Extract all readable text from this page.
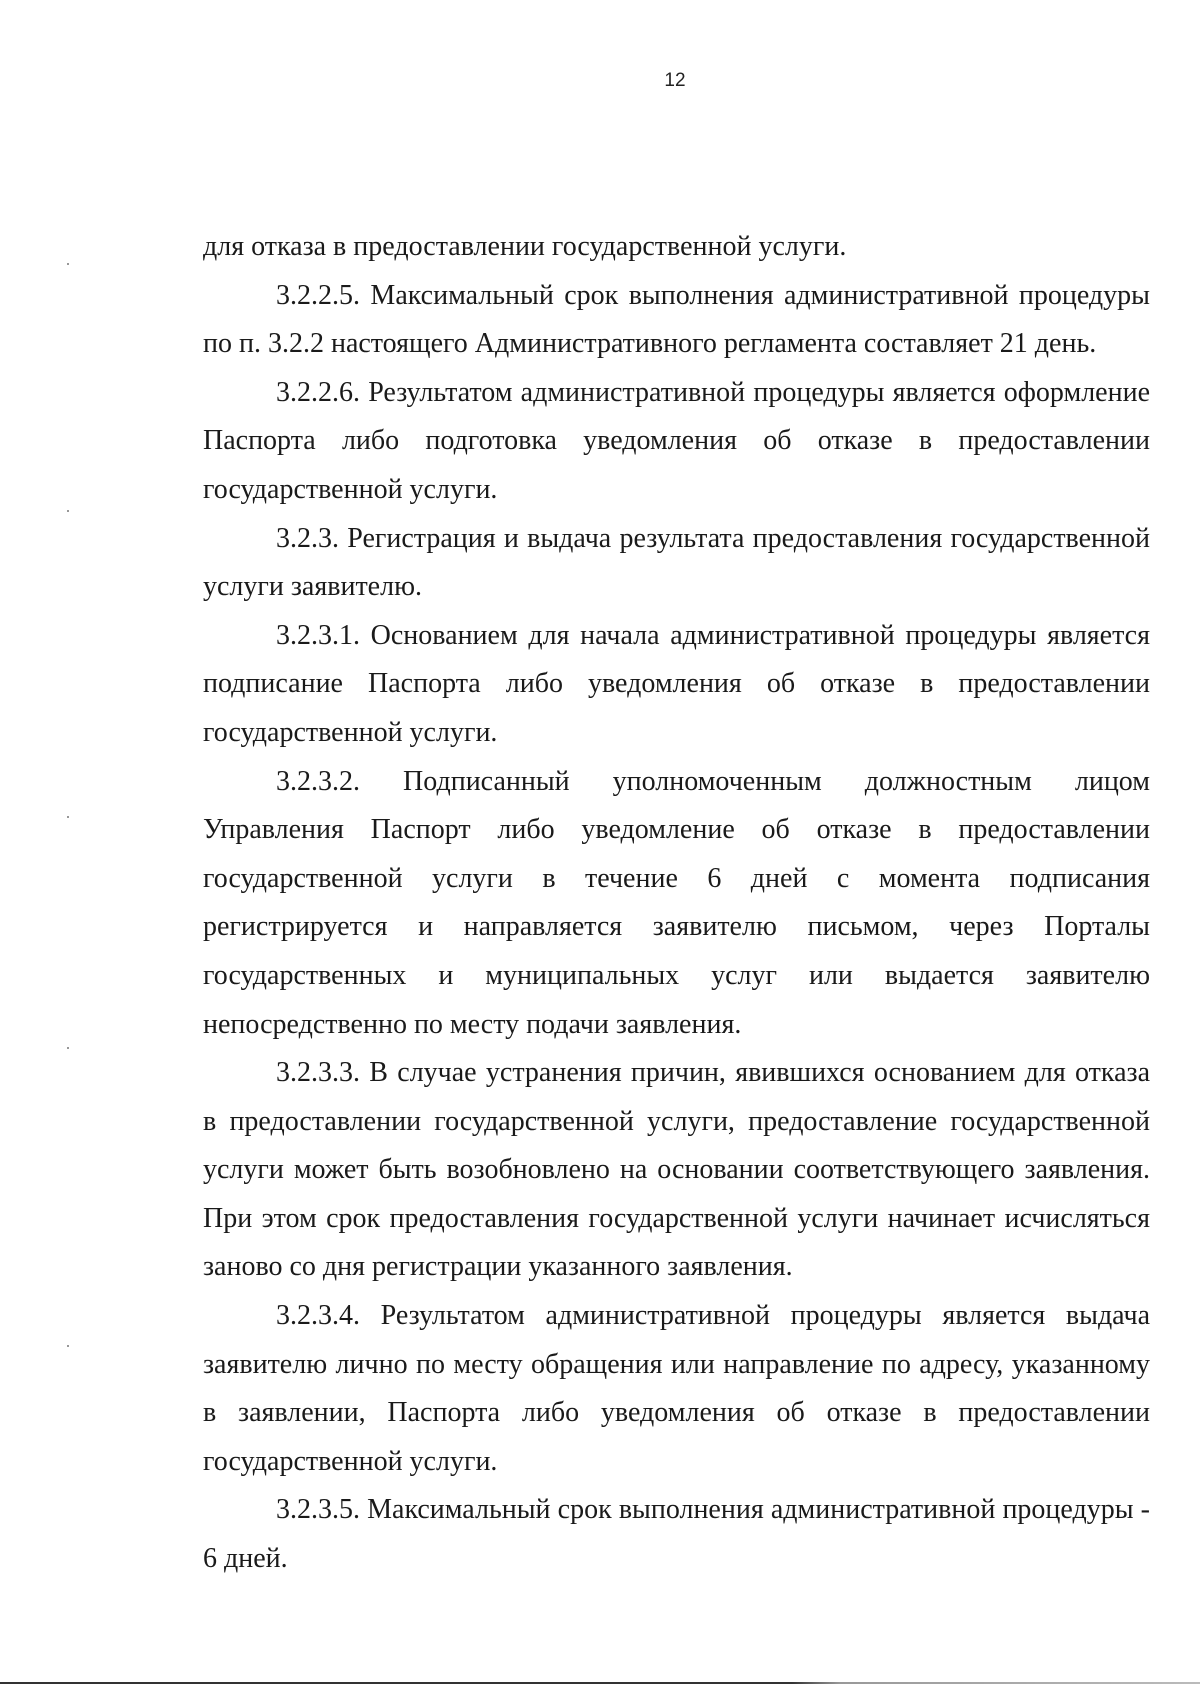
12

для отказа в предоставлении государственной услуги.

3.2.2.5. Максимальный срок выполнения административной процедуры по п. 3.2.2 настоящего Административного регламента составляет 21 день.

3.2.2.6. Результатом административной процедуры является оформление Паспорта либо подготовка уведомления об отказе в предоставлении государственной услуги.

3.2.3. Регистрация и выдача результата предоставления государственной услуги заявителю.

3.2.3.1. Основанием для начала административной процедуры является подписание Паспорта либо уведомления об отказе в предоставлении государственной услуги.

3.2.3.2. Подписанный уполномоченным должностным лицом Управления Паспорт либо уведомление об отказе в предоставлении государственной услуги в течение 6 дней с момента подписания регистрируется и направляется заявителю письмом, через Порталы государственных и муниципальных услуг или выдается заявителю непосредственно по месту подачи заявления.

3.2.3.3. В случае устранения причин, явившихся основанием для отказа в предоставлении государственной услуги, предоставление государственной услуги может быть возобновлено на основании соответствующего заявления. При этом срок предоставления государственной услуги начинает исчисляться заново со дня регистрации указанного заявления.

3.2.3.4. Результатом административной процедуры является выдача заявителю лично по месту обращения или направление по адресу, указанному в заявлении, Паспорта либо уведомления об отказе в предоставлении государственной услуги.

3.2.3.5. Максимальный срок выполнения административной процедуры - 6 дней.
